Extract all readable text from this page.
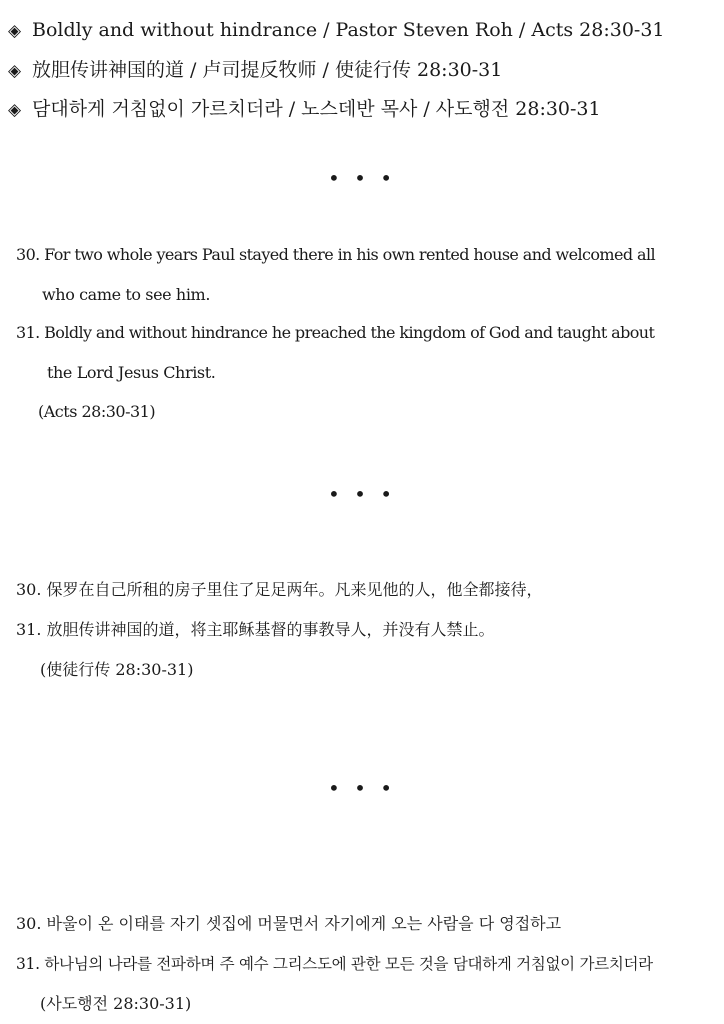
◈ Boldly and without hindrance / Pastor Steven Roh / Acts 28:30-31
◈ 放胆传讲神国的道 / 卢司提反牧师 / 使徒行传 28:30-31
◈ 담대하게 거침없이 가르치더라 / 노스데반 목사 / 사도행전 28:30-31
• • •
30. For two whole years Paul stayed there in his own rented house and welcomed all
who came to see him.
31. Boldly and without hindrance he preached the kingdom of God and taught about
the Lord Jesus Christ.
(Acts 28:30-31)
• • •
30. 保罗在自己所租的房子里住了足足两年。凡来见他的人，他全都接待，
31. 放胆传讲神国的道，将主耶稣基督的事教导人，并没有人禁止。
(使徒行传 28:30-31)
• • •
30. 바울이 온 이태를 자기 셋집에 머물면서 자기에게 오는 사람을 다 영접하고
31. 하나님의 나라를 전파하며 주 예수 그리스도에 관한 모든 것을 담대하게 거침없이 가르치더라
(사도행전 28:30-31)
